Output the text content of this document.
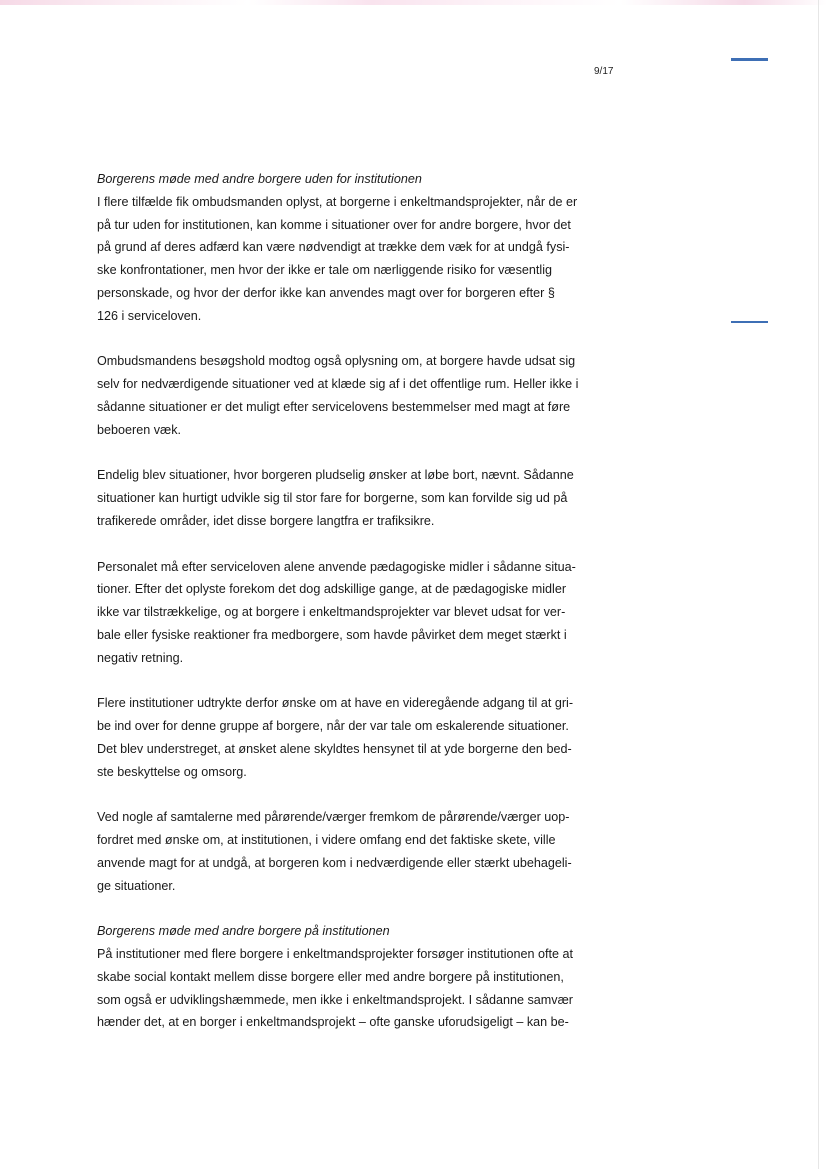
9/17

Borgerens møde med andre borgere uden for institutionen

I flere tilfælde fik ombudsmanden oplyst, at borgerne i enkeltmandsprojekter, når de er
på tur uden for institutionen, kan komme i situationer over for andre borgere, hvor det
på grund af deres adfærd kan være nødvendigt at trække dem væk for at undgå fysi-
ske konfrontationer, men hvor der ikke er tale om nærliggende risiko for væsentlig
personskade, og hvor der derfor ikke kan anvendes magt over for borgeren efter §
126 i serviceloven.

Ombudsmandens besøgshold modtog også oplysning om, at borgere havde udsat sig
selv for nedværdigende situationer ved at klæde sig af i det offentlige rum. Heller ikke i
sådanne situationer er det muligt efter servicelovens bestemmelser med magt at føre
beboeren væk.

Endelig blev situationer, hvor borgeren pludselig ønsker at løbe bort, nævnt. Sådanne
situationer kan hurtigt udvikle sig til stor fare for borgerne, som kan forvilde sig ud på
trafikerede områder, idet disse borgere langtfra er trafiksikre.

Personalet må efter serviceloven alene anvende pædagogiske midler i sådanne situa-
tioner. Efter det oplyste forekom det dog adskillige gange, at de pædagogiske midler
ikke var tilstrækkelige, og at borgere i enkeltmandsprojekter var blevet udsat for ver-
bale eller fysiske reaktioner fra medborgere, som havde påvirket dem meget stærkt i
negativ retning.

Flere institutioner udtrykte derfor ønske om at have en videregående adgang til at gri-
be ind over for denne gruppe af borgere, når der var tale om eskalerende situationer.
Det blev understreget, at ønsket alene skyldtes hensynet til at yde borgerne den bed-
ste beskyttelse og omsorg.

Ved nogle af samtalerne med pårørende/værger fremkom de pårørende/værger uop-
fordret med ønske om, at institutionen, i videre omfang end det faktiske skete, ville
anvende magt for at undgå, at borgeren kom i nedværdigende eller stærkt ubehageli-
ge situationer.

Borgerens møde med andre borgere på institutionen

På institutioner med flere borgere i enkeltmandsprojekter forsøger institutionen ofte at
skabe social kontakt mellem disse borgere eller med andre borgere på institutionen,
som også er udviklingshæmmede, men ikke i enkeltmandsprojekt. I sådanne samvær
hænder det, at en borger i enkeltmandsprojekt – ofte ganske uforudsigeligt – kan be-
